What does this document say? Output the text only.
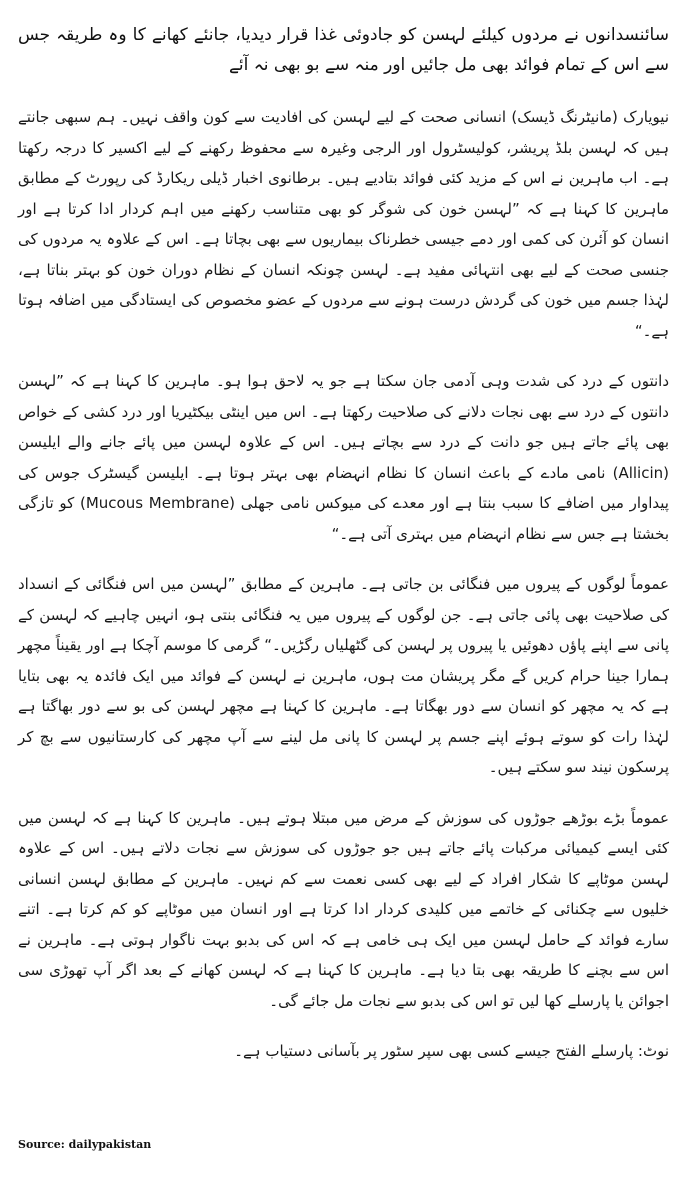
سائنسدانوں نے مردوں کیلئے لہسن کو جادوئی غذا قرار دیدیا، جانئے کھانے کا وہ طریقہ جس سے اس کے تمام فوائد بھی مل جائیں اور منہ سے بو بھی نہ آئے

نیویارک (مانیٹرنگ ڈیسک) انسانی صحت کے لیے لہسن کی افادیت سے کون واقف نہیں۔ ہم سبھی جانتے ہیں کہ لہسن بلڈ پریشر، کولیسٹرول اور الرجی وغیرہ سے محفوظ رکھنے کے لیے اکسیر کا درجہ رکھتا ہے۔ اب ماہرین نے اس کے مزید کئی فوائد بتادیے ہیں۔ برطانوی اخبار ڈیلی ریکارڈ کی رپورٹ کے مطابق ماہرین کا کہنا ہے کہ ”لہسن خون کی شوگر کو بھی متناسب رکھنے میں اہم کردار ادا کرتا ہے اور انسان کو آئرن کی کمی اور دمے جیسی خطرناک بیماریوں سے بھی بچاتا ہے۔ اس کے علاوہ یہ مردوں کی جنسی صحت کے لیے بھی انتہائی مفید ہے۔ لہسن چونکہ انسان کے نظام دوران خون کو بہتر بناتا ہے، لہٰذا جسم میں خون کی گردش درست ہونے سے مردوں کے عضو مخصوص کی ایستادگی میں اضافہ ہوتا ہے۔“

دانتوں کے درد کی شدت وہی آدمی جان سکتا ہے جو یہ لاحق ہوا ہو۔ ماہرین کا کہنا ہے کہ ”لہسن دانتوں کے درد سے بھی نجات دلانے کی صلاحیت رکھتا ہے۔ اس میں اینٹی بیکٹیریا اور درد کشی کے خواص بھی پائے جاتے ہیں جو دانت کے درد سے بچاتے ہیں۔ اس کے علاوہ لہسن میں پائے جانے والے ایلیسن (Allicin) نامی مادے کے باعث انسان کا نظام انہضام بھی بہتر ہوتا ہے۔ ایلیسن گیسٹرک جوس کی پیداوار میں اضافے کا سبب بنتا ہے اور معدے کی میوکس نامی جھلی (Mucous Membrane) کو تازگی بخشتا ہے جس سے نظام انہضام میں بہتری آتی ہے۔“

عموماً لوگوں کے پیروں میں فنگائی بن جاتی ہے۔ ماہرین کے مطابق ”لہسن میں اس فنگائی کے انسداد کی صلاحیت بھی پائی جاتی ہے۔ جن لوگوں کے پیروں میں یہ فنگائی بنتی ہو، انہیں چاہیے کہ لہسن کے پانی سے اپنے پاؤں دھوئیں یا پیروں پر لہسن کی گٹھلیاں رگڑیں۔“ گرمی کا موسم آچکا ہے اور یقیناً مچھر ہمارا جینا حرام کریں گے مگر پریشان مت ہوں، ماہرین نے لہسن کے فوائد میں ایک فائدہ یہ بھی بتایا ہے کہ یہ مچھر کو انسان سے دور بھگاتا ہے۔ ماہرین کا کہنا ہے مچھر لہسن کی بو سے دور بھاگتا ہے لہٰذا رات کو سوتے ہوئے اپنے جسم پر لہسن کا پانی مل لینے سے آپ مچھر کی کارستانیوں سے بچ کر پرسکون نیند سو سکتے ہیں۔

عموماً بڑے بوڑھے جوڑوں کی سوزش کے مرض میں مبتلا ہوتے ہیں۔ ماہرین کا کہنا ہے کہ لہسن میں کئی ایسے کیمیائی مرکبات پائے جاتے ہیں جو جوڑوں کی سوزش سے نجات دلاتے ہیں۔ اس کے علاوہ لہسن موٹاپے کا شکار افراد کے لیے بھی کسی نعمت سے کم نہیں۔ ماہرین کے مطابق لہسن انسانی خلیوں سے چکنائی کے خاتمے میں کلیدی کردار ادا کرتا ہے اور انسان میں موٹاپے کو کم کرتا ہے۔ اتنے سارے فوائد کے حامل لہسن میں ایک ہی خامی ہے کہ اس کی بدبو بہت ناگوار ہوتی ہے۔ ماہرین نے اس سے بچنے کا طریقہ بھی بتا دیا ہے۔ ماہرین کا کہنا ہے کہ لہسن کھانے کے بعد اگر آپ تھوڑی سی اجوائن یا پارسلے کھا لیں تو اس کی بدبو سے نجات مل جائے گی۔

نوٹ: پارسلے الفتح جیسے کسی بھی سپر سٹور پر بآسانی دستیاب ہے۔

Source: dailypakistan
